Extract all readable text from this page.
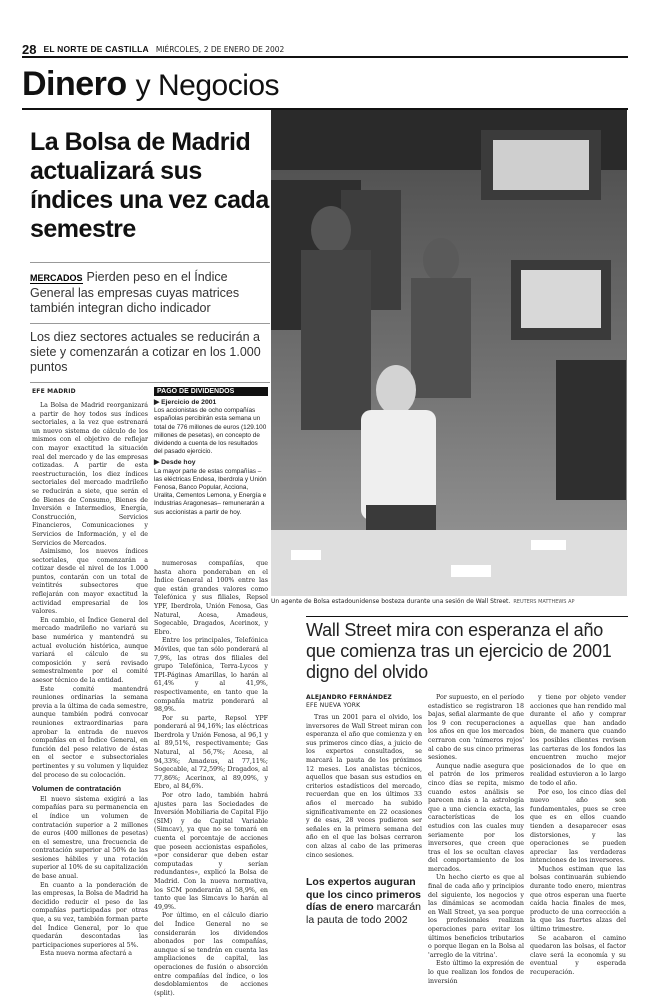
28 EL NORTE DE CASTILLA MIÉRCOLES, 2 DE ENERO DE 2002
Dinero y Negocios
La Bolsa de Madrid actualizará sus índices una vez cada semestre
MERCADOS Pierden peso en el Índice General las empresas cuyas matrices también integran dicho indicador
Los diez sectores actuales se reducirán a siete y comenzarán a cotizar en los 1.000 puntos
EFE MADRID

La Bolsa de Madrid reorganizará a partir de hoy todos sus índices sectoriales, a la vez que estrenará un nuevo sistema de cálculo de los mismos con el objetivo de reflejar con mayor exactitud la situación real del mercado y de las empresas cotizadas. A partir de esta reestructuración, los diez índices sectoriales del mercado madrileño se reducirán a siete, que serán el de Bienes de Consumo, Bienes de Inversión e Intermedios, Energía, Construcción, Servicios Financieros, Comunicaciones y Servicios de Información, y el de Servicios de Mercados.

Asimismo, los nuevos índices sectoriales, que comenzarán a cotizar desde el nivel de los 1.000 puntos, contarán con un total de veintitrés subsectores que reflejarán con mayor exactitud la actividad empresarial de los valores.

En cambio, el Índice General del mercado madrileño no variará su base numérica y mantendrá su actual evolución histórica, aunque variará el cálculo de su composición y será revisado semestralmente por el comité asesor técnico de la entidad.

Este comité mantendrá reuniones ordinarias la semana previa a la última de cada semestre, aunque también podrá convocar reuniones extraordinarias para aprobar la entrada de nuevos compañías en el Índice General, en función del peso relativo de éstas en el sector e subsectoriales pertinentes y su volumen y liquidez del proceso de su colocación.

Volumen de contratación

El nuevo sistema exigirá a las compañías para su permanencia en el índice un volumen de contratación superior a 2 millones de euros (400 millones de pesetas) en el semestre, una frecuencia de contratación superior al 50% de las sesiones hábiles y una rotación superior al 10% de su capitalización de base anual.

En cuanto a la ponderación de las empresas, la Bolsa de Madrid ha decidido reducir el peso de las compañías participadas por otras que, a su vez, también forman parte del Índice General, por lo que quedarán descontadas las participaciones superiores al 5%.

Esta nueva norma afectará a

PAGO DE DIVIDENDOS
▶ Ejercicio de 2001
Los accionistas de ocho compañías españolas percibirán esta semana un total de 776 millones de euros (129.100 millones de pesetas), en concepto de dividendo a cuenta de los resultados del pasado ejercicio.
▶ Desde hoy
La mayor parte de estas compañías –las eléctricas Endesa, Iberdrola y Unión Fenosa, Banco Popular, Acciona, Uralita, Cementos Lemona, y Energía e Industrias Aragonesas– remunerarán a sus accionistas a partir de hoy.

numerosas compañías, que hasta ahora ponderaban en el Índice General al 100% entre las que están grandes valores como Telefónica y sus filiales, Repsol YPF, Iberdrola, Unión Fenosa, Gas Natural, Acesa, Amadeus, Sogecable, Dragados, Acerinox, y Ebro.

Entre los principales, Telefónica Móviles, que tan sólo ponderará al 7,9%, las otras dos filiales del grupo Telefónica, Terra-Lycos y TPI-Páginas Amarillas, lo harán al 61,4% y al 41,9%, respectivamente, en tanto que la compañía matriz ponderará al 98,9%.

Por su parte, Repsol YPF ponderará al 94,16%; las eléctricas Iberdrola y Unión Fenosa, al 96,1 y al 89,51%, respectivamente; Gas Natural, al 56,7%; Acesa, al 94,33%; Amadeus, al 77,11%; Sogecable, al 72,59%; Dragados, al 77,86%; Acerinox, al 89,09%, y Ebro, al 84,6%.

Por otro lado, también habrá ajustes para las Sociedades de Inversión Mobiliaria de Capital Fijo (SIM) y de Capital Variable (Simcav), ya que no se tomará en cuenta el porcentaje de acciones que poseen accionistas españoles, «por considerar que deben estar computadas y serían redundantes», explicó la Bolsa de Madrid. Con la nueva normativa, los SCM ponderarán al 58,9%, en tanto que las Simcavs lo harán al 49,9%.

Por último, en el cálculo diario del Índice General no se considerarán los dividendos abonados por las compañías, aunque sí se tendrán en cuenta las ampliaciones de capital, las operaciones de fusión o absorción entre compañías del índice, o los desdoblamientos de acciones (split).

Un agente de Bolsa estadounidense bosteza durante una sesión de Wall Street. REUTERS MATTHEWS AP
Wall Street mira con esperanza el año que comienza tras un ejercicio de 2001 digno del olvido
ALEJANDRO FERNÁNDEZ
EFE NUEVA YORK

Tras un 2001 para el olvido, los inversores de Wall Street miran con esperanza el año que comienza y en sus primeros cinco días, a juicio de los expertos consultados, se marcará la pauta de los próximos 12 meses. Los analistas técnicos, aquellos que basan sus estudios en criterios estadísticos del mercado, recuerdan que en los últimos 33 años el mercado ha subido significativamente en 22 ocasiones y de esas, 28 veces pudieron ser señales en la primera semana del año en el que las bolsas cerraron con alzas al cabo de las primeras cinco sesiones.

Los expertos auguran que los cinco primeros días de enero marcarán la pauta de todo 2002

Por supuesto, en el período estadístico se registraron 18 bajas, señal alarmante de que los 9 con recuperaciones a los años en que los mercados cerraron con 'números rojos' al cabo de sus cinco primeras sesiones.

Aunque nadie asegura que el patrón de los primeros cinco días se repita, mismo cuando estos análisis se parecen más a la astrología que a una ciencia exacta, las características de los estudios con las cuales muy seriamente por los inversores, que creen que tras el los se ocultan claves del comportamiento de los mercados.

Un hecho cierto es que al final de cada año y principios del siguiente, los negocios y las dinámicas se acomodan en Wall Street, ya sea porque los profesionales realizan operaciones para evitar los últimos beneficios tributarios o porque llegan en la Bolsa al 'arreglo de la vitrina'.

Esto último la expresión de lo que realizan los fondos de inversión

y tiene por objeto vender acciones que han rendido mal durante el año y comprar aquellas que han andado bien, de manera que cuando los posibles clientes revisen las carteras de los fondos las encuentren mucho mejor posicionados de lo que en realidad estuvieron a lo largo de todo el año.

Por eso, los cinco días del nuevo año son fundamentales, pues se cree que es en ellos cuando tienden a desaparecer esas distorsiones, y las operaciones se pueden apreciar las verdaderas intenciones de los inversores.

Muchos estiman que las bolsas continuarán subiendo durante todo enero, mientras que otros esperan una fuerte caída hacia finales de mes, producto de una corrección a la que las fuertes alzas del último trimestre.

Se acabaron el camino quedaron las bolsas, el factor clave será la economía y su eventual y esperada recuperación.
